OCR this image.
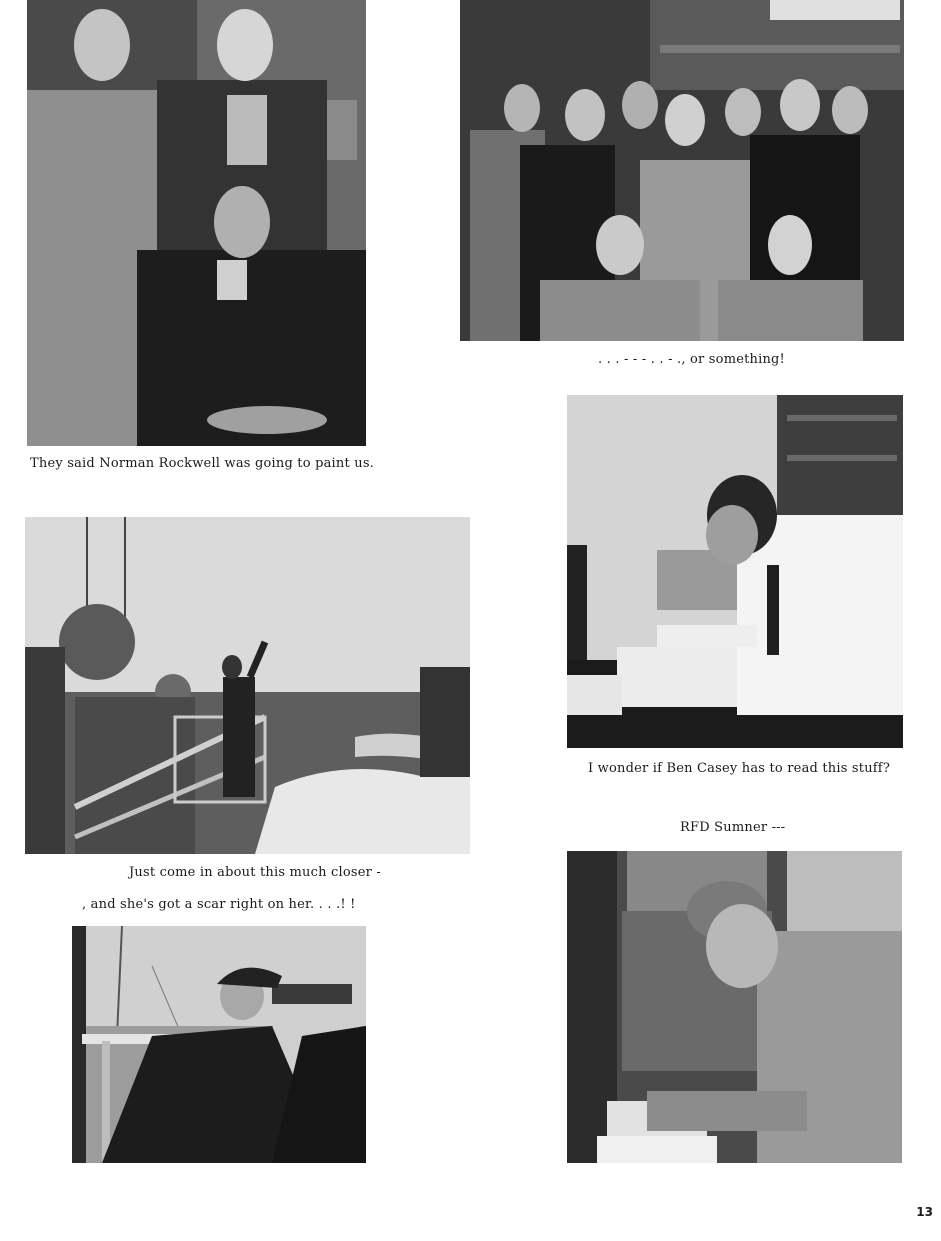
They said Norman Rockwell was going to paint us.
. . . - - - . . - ., or something!
I wonder if Ben Casey has to read this stuff?
Just come in about this much closer -
, and she's got a scar right on her. . . .! !
RFD Sumner ---
13
